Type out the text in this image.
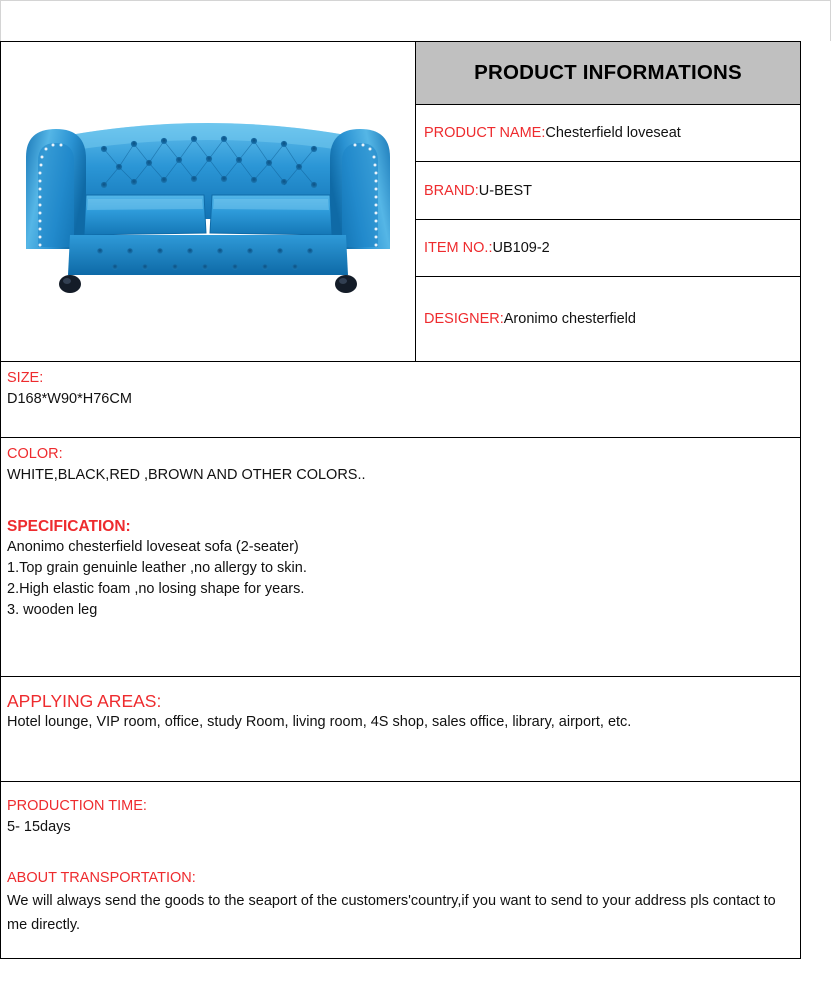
PRODUCT INFORMATIONS
PRODUCT NAME: Chesterfield loveseat
BRAND: U-BEST
ITEM NO.: UB109-2
DESIGNER: Aronimo chesterfield

SIZE:

D168*W90*H76CM

COLOR:

WHITE,BLACK,RED ,BROWN AND OTHER COLORS..

SPECIFICATION:

Anonimo chesterfield loveseat sofa (2-seater)

1.Top grain genuinle leather ,no allergy to skin.
2.High elastic foam ,no losing shape for years.
3. wooden leg

APPLYING AREAS:

Hotel lounge, VIP room, office, study Room, living room, 4S shop, sales office, library, airport, etc.

PRODUCTION TIME:

5- 15days

ABOUT TRANSPORTATION:

We will always send the goods to the seaport of the customers'country,if you want to send to your address pls contact to me directly.
